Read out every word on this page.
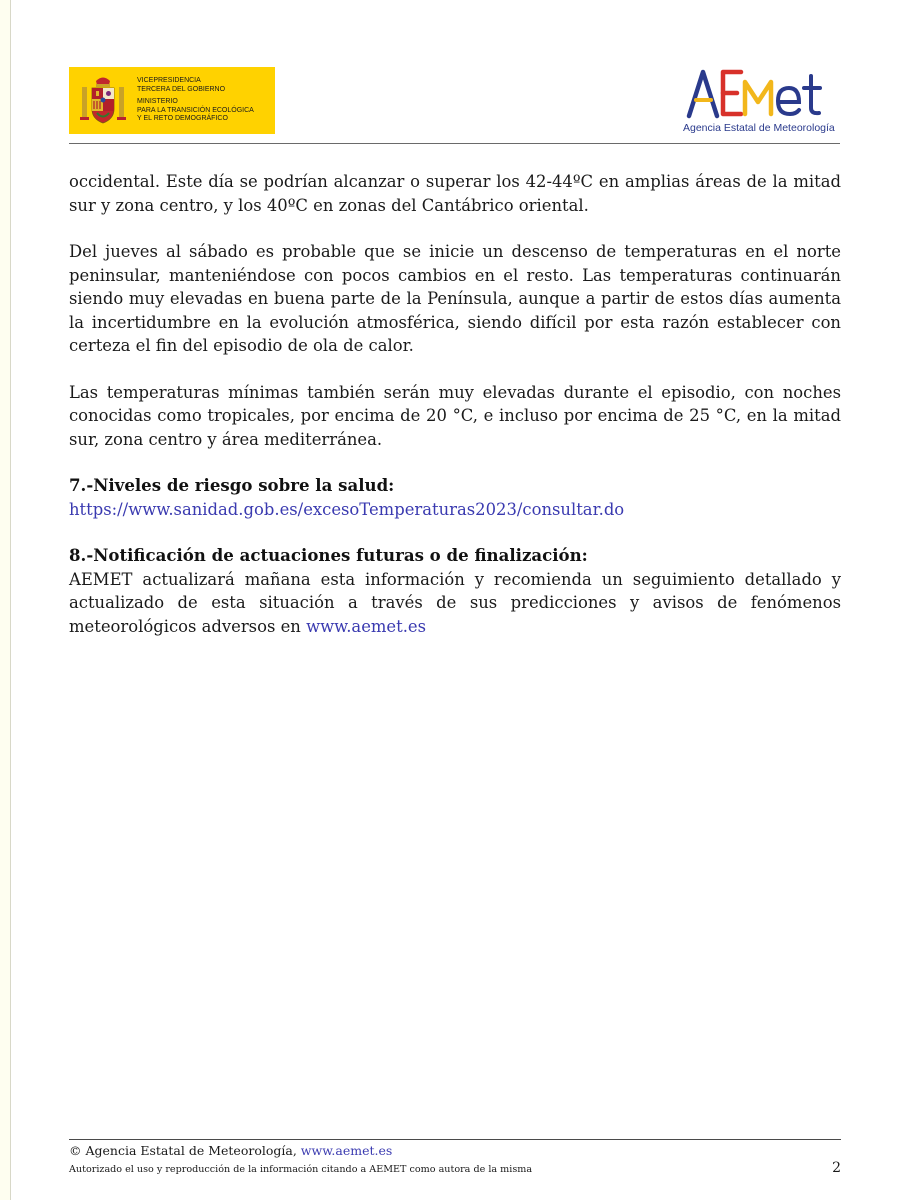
VICEPRESIDENCIA
TERCERA DEL GOBIERNO
MINISTERIO
PARA LA TRANSICIÓN ECOLÓGICA
Y EL RETO DEMOGRÁFICO
Agencia Estatal de Meteorología

occidental. Este día se podrían alcanzar o superar los 42-44ºC en amplias áreas de la mitad sur y zona centro, y los 40ºC en zonas del Cantábrico oriental.

Del jueves al sábado es probable que se inicie un descenso de temperaturas en el norte peninsular, manteniéndose con pocos cambios en el resto. Las temperaturas continuarán siendo muy elevadas en buena parte de la Península, aunque a partir de estos días aumenta la incertidumbre en la evolución atmosférica, siendo difícil por esta razón establecer con certeza el fin del episodio de ola de calor.

Las temperaturas mínimas también serán muy elevadas durante el episodio, con noches conocidas como tropicales, por encima de 20 °C, e incluso por encima de 25 °C, en la mitad sur, zona centro y área mediterránea.

7.-Niveles de riesgo sobre la salud:
https://www.sanidad.gob.es/excesoTemperaturas2023/consultar.do
8.-Notificación de actuaciones futuras o de finalización:

AEMET actualizará mañana esta información y recomienda un seguimiento detallado y actualizado de esta situación a través de sus predicciones y avisos de fenómenos meteorológicos adversos en www.aemet.es

© Agencia Estatal de Meteorología, www.aemet.es
Autorizado el uso y reproducción de la información citando a AEMET como autora de la misma	2
